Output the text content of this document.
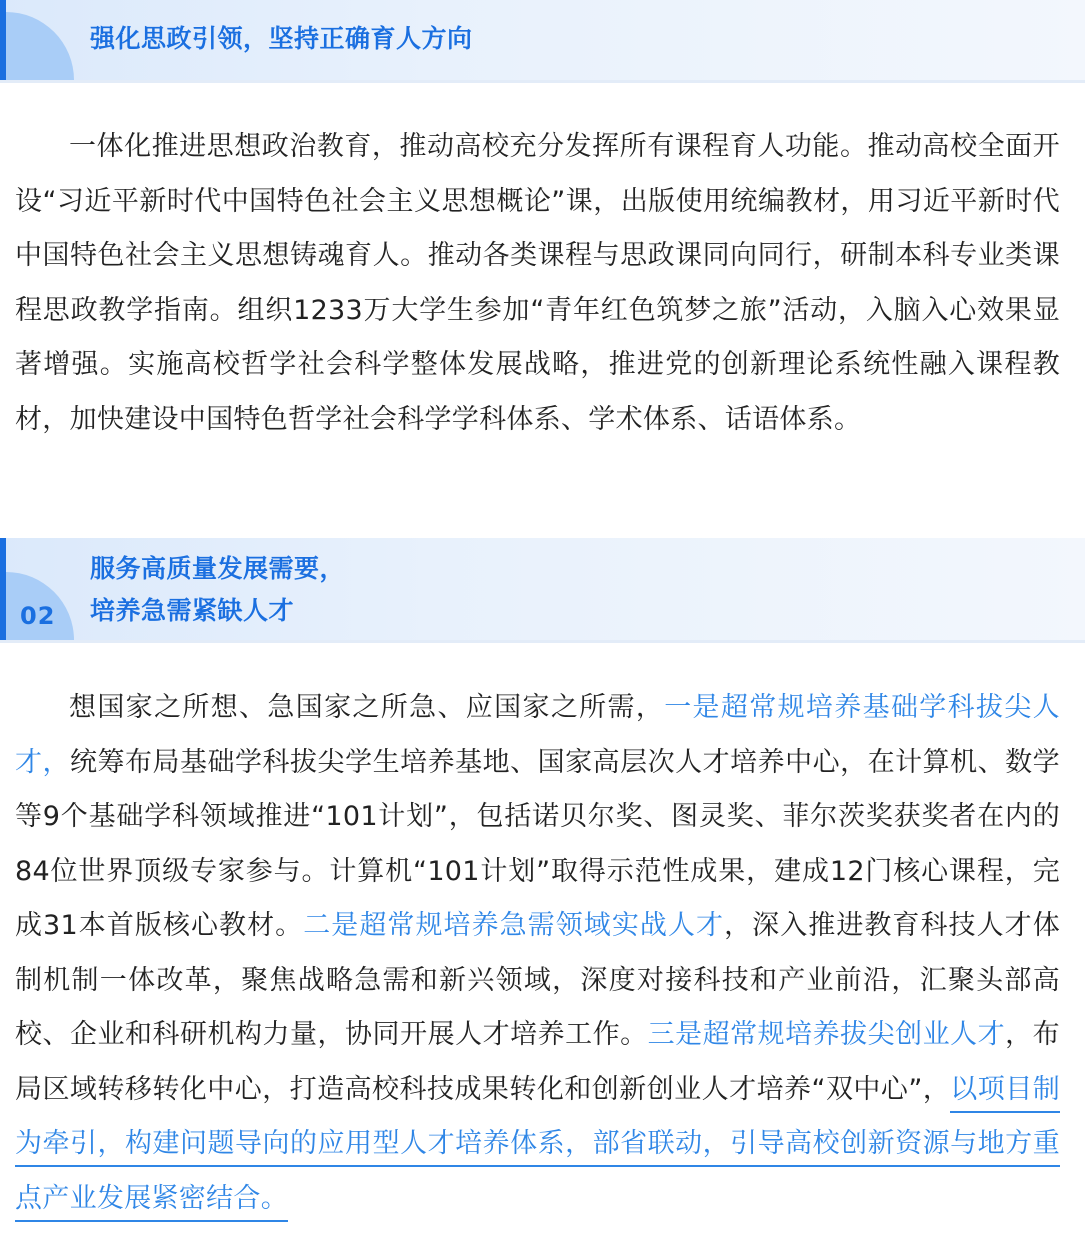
强化思政引领，坚持正确育人方向

一体化推进思想政治教育，推动高校充分发挥所有课程育人功能。推动高校全面开设“习近平新时代中国特色社会主义思想概论”课，出版使用统编教材，用习近平新时代中国特色社会主义思想铸魂育人。推动各类课程与思政课同向同行，研制本科专业类课程思政教学指南。组织1233万大学生参加“青年红色筑梦之旅”活动，入脑入心效果显著增强。实施高校哲学社会科学整体发展战略，推进党的创新理论系统性融入课程教材，加快建设中国特色哲学社会科学学科体系、学术体系、话语体系。

02
服务高质量发展需要，
培养急需紧缺人才

想国家之所想、急国家之所急、应国家之所需，一是超常规培养基础学科拔尖人才，统筹布局基础学科拔尖学生培养基地、国家高层次人才培养中心，在计算机、数学等9个基础学科领域推进“101计划”，包括诺贝尔奖、图灵奖、菲尔茨奖获奖者在内的84位世界顶级专家参与。计算机“101计划”取得示范性成果，建成12门核心课程，完成31本首版核心教材。二是超常规培养急需领域实战人才，深入推进教育科技人才体制机制一体改革，聚焦战略急需和新兴领域，深度对接科技和产业前沿，汇聚头部高校、企业和科研机构力量，协同开展人才培养工作。三是超常规培养拔尖创业人才，布局区域转移转化中心，打造高校科技成果转化和创新创业人才培养“双中心”，以项目制为牵引，构建问题导向的应用型人才培养体系，部省联动，引导高校创新资源与地方重点产业发展紧密结合。
